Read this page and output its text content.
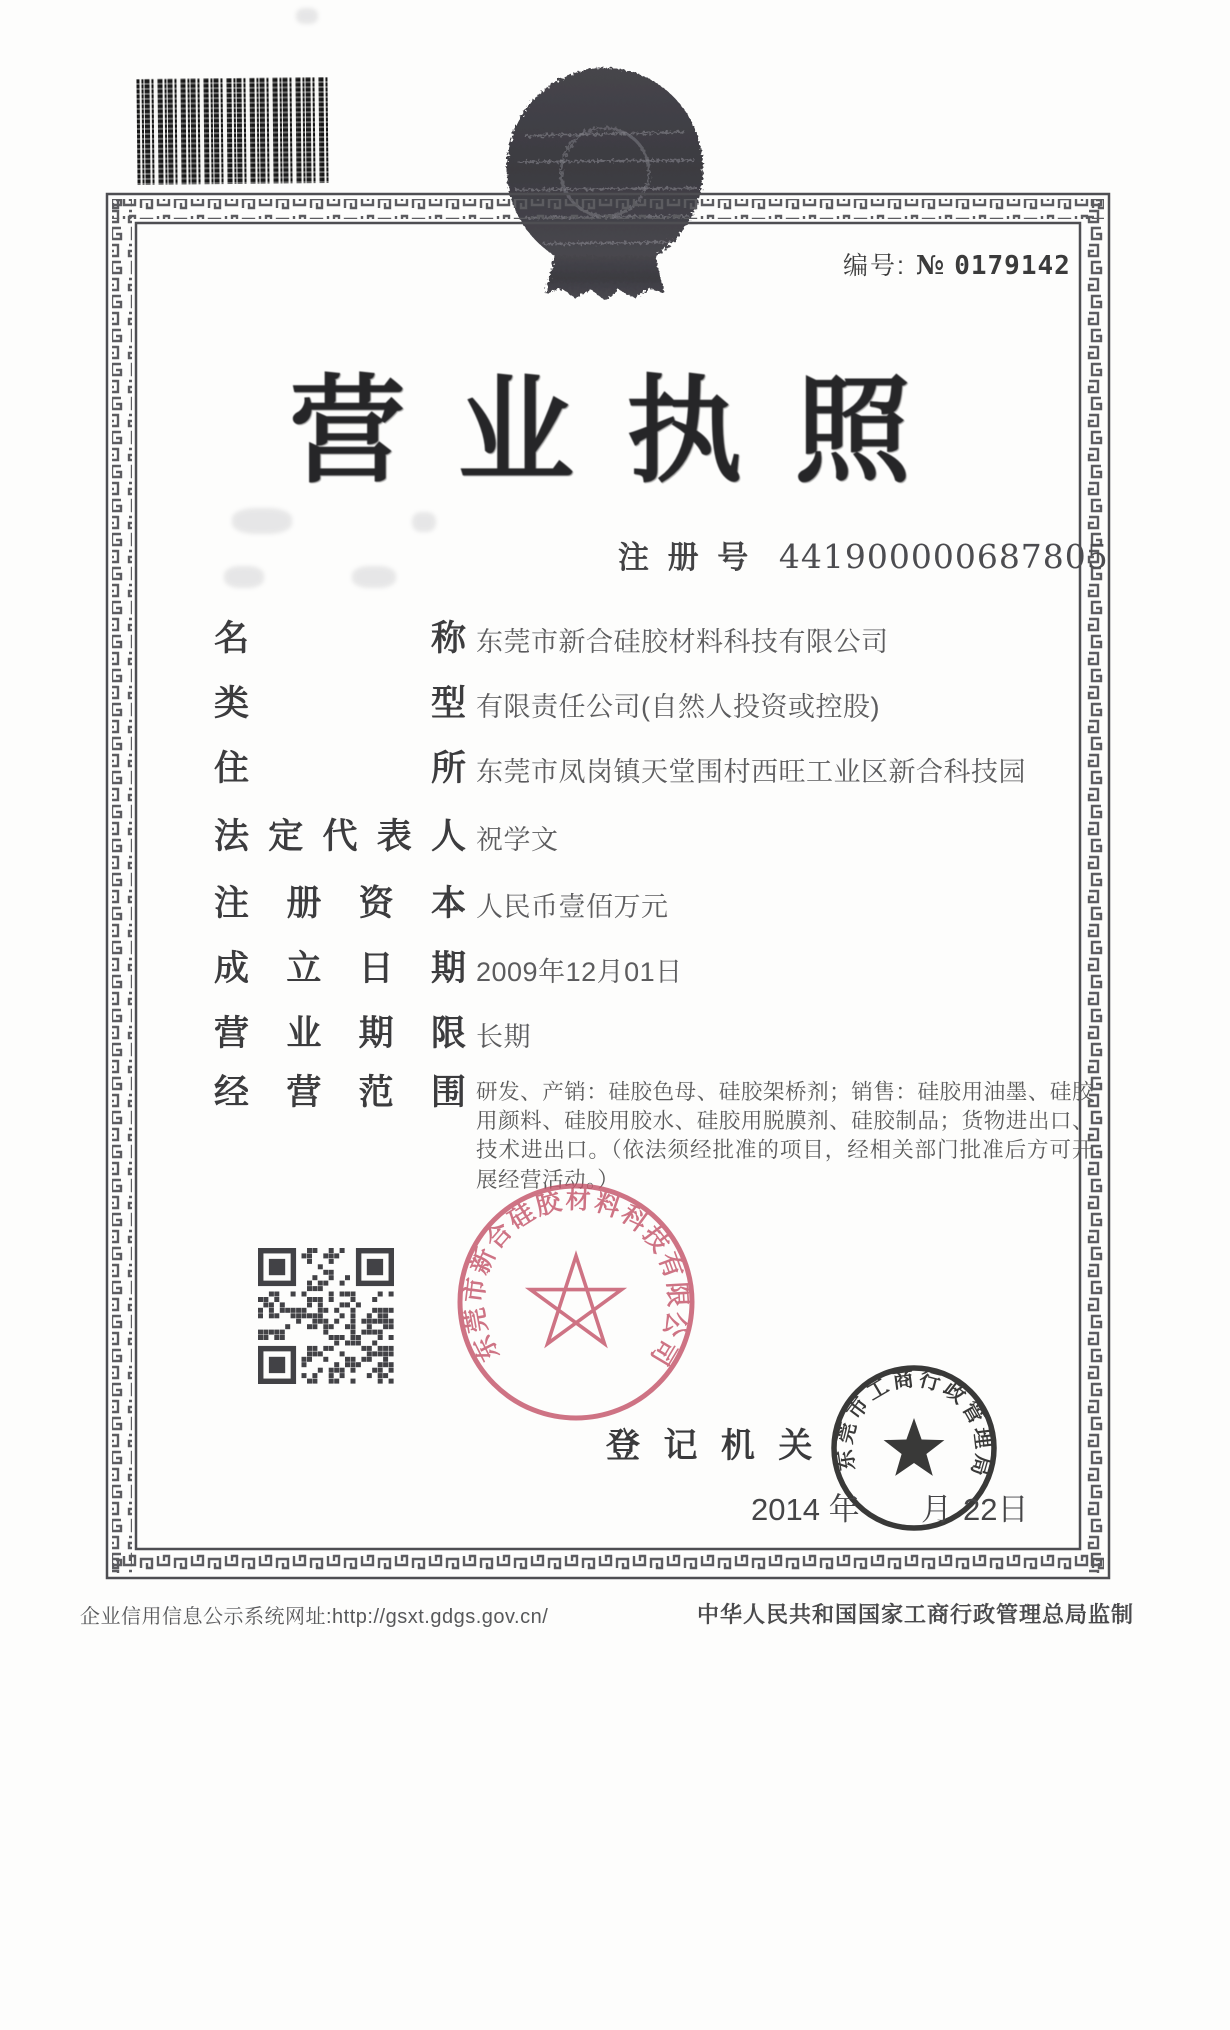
编号: № 0179142
营 业 执 照
注 册 号 441900000687805
名称 东莞市新合硅胶材料科技有限公司
类型 有限责任公司(自然人投资或控股)
住所 东莞市凤岗镇天堂围村西旺工业区新合科技园
法定代表人 祝学文
注册资本 人民币壹佰万元
成立日期 2009年12月01日
营业期限 长期
经营范围 研发、产销：硅胶色母、硅胶架桥剂；销售：硅胶用油墨、硅胶用颜料、硅胶用胶水、硅胶用脱膜剂、硅胶制品；货物进出口、技术进出口。（依法须经批准的项目，经相关部门批准后方可开展经营活动。）
东莞市新合硅胶材料科技有限公司
东莞市工商行政管理局
登 记 机 关
2014 年 月 22日
企业信用信息公示系统网址:http://gsxt.gdgs.gov.cn/	中华人民共和国国家工商行政管理总局监制
